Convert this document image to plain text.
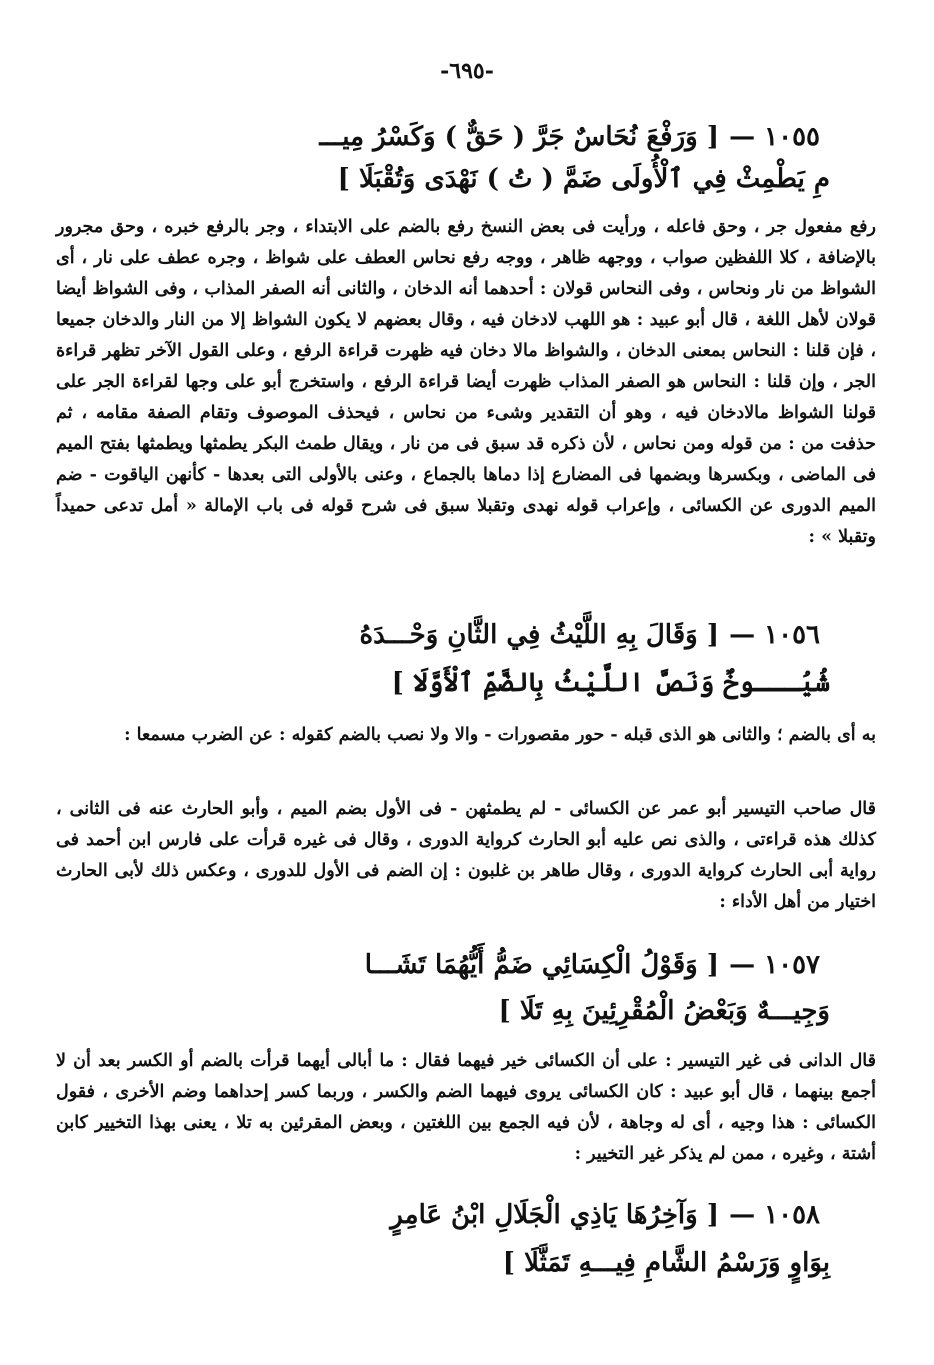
-٦٩٥-
١٠٥٥ —[ وَرَفْعَ نُحَاسٌ جَرَّ ( حَقٌّ ) وَكَسْرُ مِيـــ
مِ يَطْمِثْ فِي ٱلْأُولَى ضَمَّ ( تُ ) نَهْدَى وَتُقْبَلَا ]

رفع مفعول جر ، وحق فاعله ، ورأيت فى بعض النسخ رفع بالضم على الابتداء ، وجر بالرفع خبره ، وحق مجرور بالإضافة ، كلا اللفظين صواب ، ووجهه ظاهر ، ووجه رفع نحاس العطف على شواظ ، وجره عطف على نار ، أى الشواظ من نار ونحاس ، وفى النحاس قولان : أحدهما أنه الدخان ، والثانى أنه الصفر المذاب ، وفى الشواظ أيضا قولان لأهل اللغة ، قال أبو عبيد : هو اللهب لادخان فيه ، وقال بعضهم لا يكون الشواظ إلا من النار والدخان جميعا ، فإن قلنا : النحاس بمعنى الدخان ، والشواظ مالا دخان فيه ظهرت قراءة الرفع ، وعلى القول الآخر تظهر قراءة الجر ، وإن قلنا : النحاس هو الصفر المذاب ظهرت أيضا قراءة الرفع ، واستخرج أبو على وجها لقراءة الجر على قولنا الشواظ مالادخان فيه ، وهو أن التقدير وشىء من نحاس ، فيحذف الموصوف وتقام الصفة مقامه ، ثم حذفت من : من قوله ومن نحاس ، لأن ذكره قد سبق فى من نار ، ويقال طمث البكر يطمثها ويطمثها بفتح الميم فى الماضى ، وبكسرها وبضمها فى المضارع إذا دماها بالجماع ، وعنى بالأولى التى بعدها - كأنهن الياقوت - ضم الميم الدورى عن الكسائى ، وإعراب قوله نهدى وتقبلا سبق فى شرح قوله فى باب الإمالة « أمل تدعى حميداً وتقبلا » :

١٠٥٦ —[ وَقَالَ بِهِ اللَّيْثُ فِي الثَّانِ وَحْـــدَهُ
شُيُـــوخٌ وَنَصَّ اللَّيْثُ بِالضَّمِّ ٱلْأَوَّلَا ]

به أى بالضم ؛ والثانى هو الذى قبله - حور مقصورات - والا ولا نصب بالضم كقوله : عن الضرب مسمعا :

قال صاحب التيسير أبو عمر عن الكسائى - لم يطمثهن - فى الأول بضم الميم ، وأبو الحارث عنه فى الثانى ، كذلك هذه قراءتى ، والذى نص عليه أبو الحارث كرواية الدورى ، وقال فى غيره قرأت على فارس ابن أحمد فى رواية أبى الحارث كرواية الدورى ، وقال طاهر بن غلبون : إن الضم فى الأول للدورى ، وعكس ذلك لأبى الحارث اختيار من أهل الأداء :

١٠٥٧ —[ وَقَوْلُ الْكِسَائِي ضَمُّ أَيُّهُمَا تَشَـــا
وَجِيـــهٌ وَبَعْضُ الْمُقْرِئِينَ بِهِ تَلَا ]

قال الدانى فى غير التيسير : على أن الكسائى خير فيهما فقال : ما أبالى أيهما قرأت بالضم أو الكسر بعد أن لا أجمع بينهما ، قال أبو عبيد : كان الكسائى يروى فيهما الضم والكسر ، وربما كسر إحداهما وضم الأخرى ، فقول الكسائى : هذا وجيه ، أى له وجاهة ، لأن فيه الجمع بين اللغتين ، وبعض المقرئين به تلا ، يعنى بهذا التخيير كابن أشتة ، وغيره ، ممن لم يذكر غير التخيير :

١٠٥٨ —[ وَآخِرُهَا يَاذِي الْجَلَالِ ابْنُ عَامِرٍ
بِوَاوٍ وَرَسْمُ الشَّامِ فِيـــهِ تَمَثَّلَا ]
